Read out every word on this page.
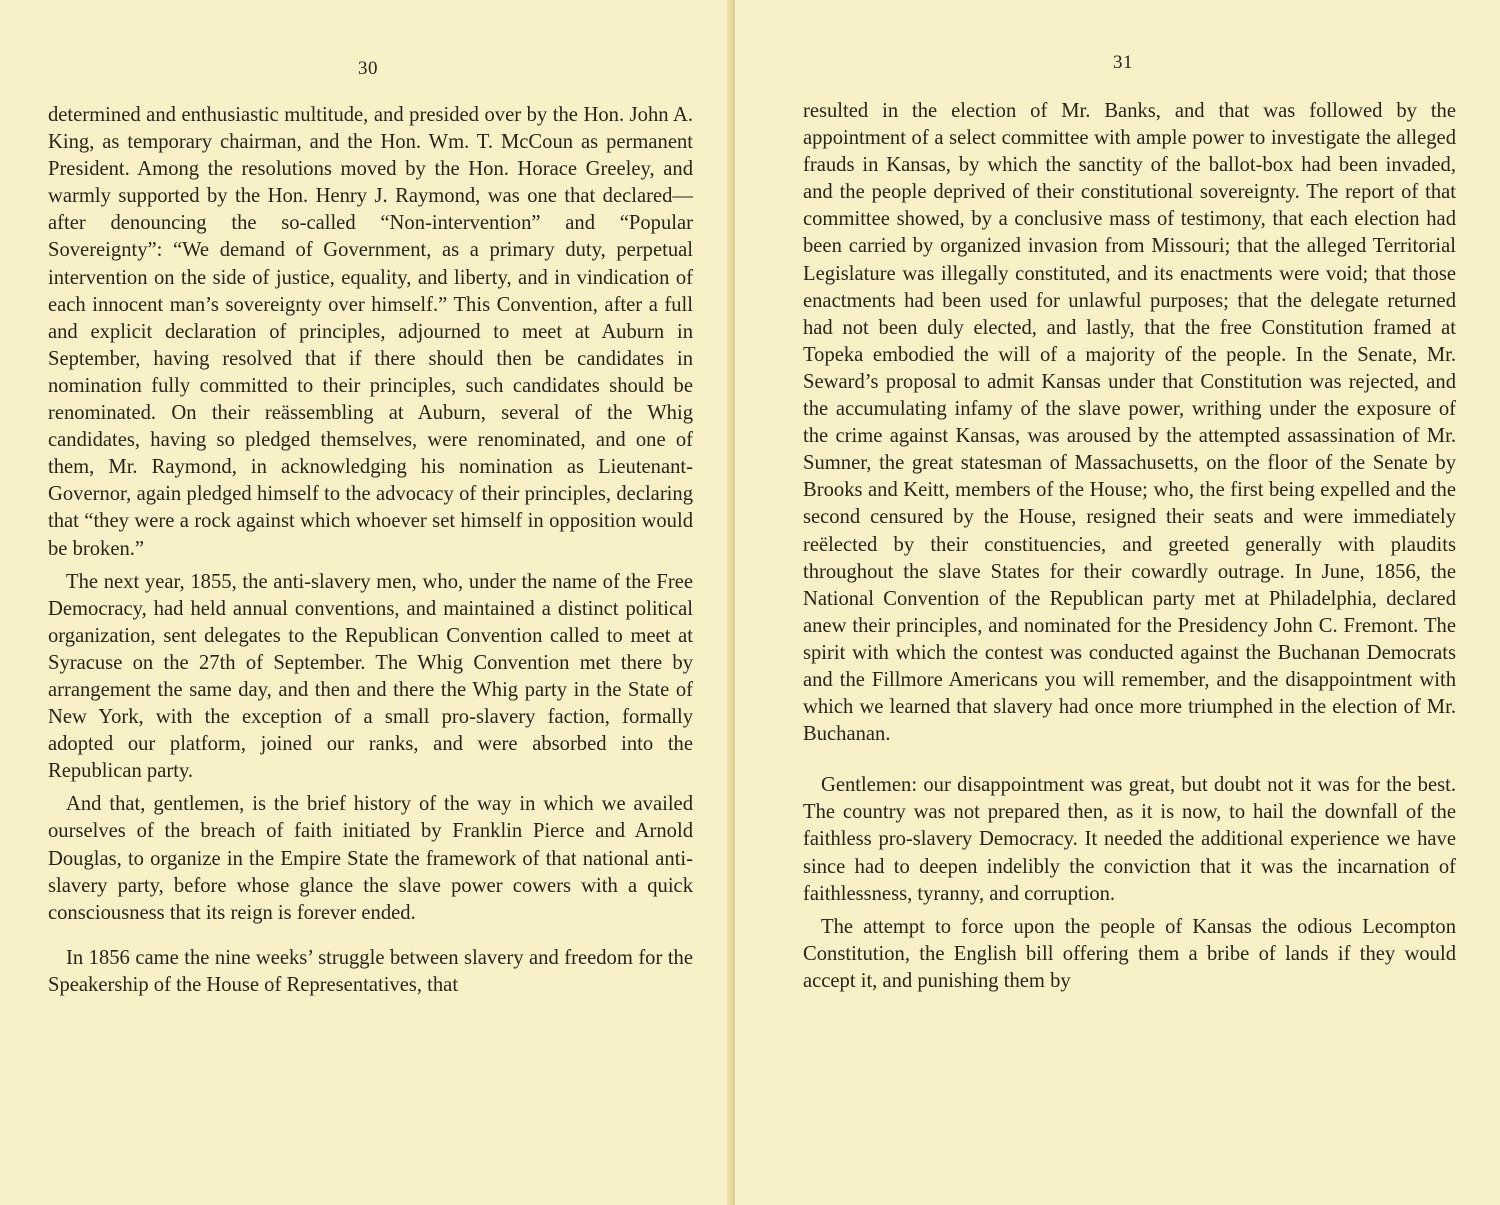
30

determined and enthusiastic multitude, and presided over by the Hon. John A. King, as temporary chairman, and the Hon. Wm. T. McCoun as permanent President. Among the resolutions moved by the Hon. Horace Greeley, and warmly supported by the Hon. Henry J. Raymond, was one that declared—after denouncing the so-called “Non-intervention” and “Popular Sovereignty”: “We demand of Government, as a primary duty, perpetual intervention on the side of justice, equality, and liberty, and in vindication of each innocent man’s sovereignty over himself.” This Convention, after a full and explicit declaration of principles, adjourned to meet at Auburn in September, having resolved that if there should then be candidates in nomination fully committed to their principles, such candidates should be renominated. On their reässembling at Auburn, several of the Whig candidates, having so pledged themselves, were renominated, and one of them, Mr. Raymond, in acknowledging his nomination as Lieutenant-Governor, again pledged himself to the advocacy of their principles, declaring that “they were a rock against which whoever set himself in opposition would be broken.”

The next year, 1855, the anti-slavery men, who, under the name of the Free Democracy, had held annual conventions, and maintained a distinct political organization, sent delegates to the Republican Convention called to meet at Syracuse on the 27th of September. The Whig Convention met there by arrangement the same day, and then and there the Whig party in the State of New York, with the exception of a small pro-slavery faction, formally adopted our platform, joined our ranks, and were absorbed into the Republican party.

And that, gentlemen, is the brief history of the way in which we availed ourselves of the breach of faith initiated by Franklin Pierce and Arnold Douglas, to organize in the Empire State the framework of that national anti-slavery party, before whose glance the slave power cowers with a quick consciousness that its reign is forever ended.

In 1856 came the nine weeks’ struggle between slavery and freedom for the Speakership of the House of Representatives, that

31

resulted in the election of Mr. Banks, and that was followed by the appointment of a select committee with ample power to investigate the alleged frauds in Kansas, by which the sanctity of the ballot-box had been invaded, and the people deprived of their constitutional sovereignty. The report of that committee showed, by a conclusive mass of testimony, that each election had been carried by organized invasion from Missouri; that the alleged Territorial Legislature was illegally constituted, and its enactments were void; that those enactments had been used for unlawful purposes; that the delegate returned had not been duly elected, and lastly, that the free Constitution framed at Topeka embodied the will of a majority of the people. In the Senate, Mr. Seward’s proposal to admit Kansas under that Constitution was rejected, and the accumulating infamy of the slave power, writhing under the exposure of the crime against Kansas, was aroused by the attempted assassination of Mr. Sumner, the great statesman of Massachusetts, on the floor of the Senate by Brooks and Keitt, members of the House; who, the first being expelled and the second censured by the House, resigned their seats and were immediately reëlected by their constituencies, and greeted generally with plaudits throughout the slave States for their cowardly outrage. In June, 1856, the National Convention of the Republican party met at Philadelphia, declared anew their principles, and nominated for the Presidency John C. Fremont. The spirit with which the contest was conducted against the Buchanan Democrats and the Fillmore Americans you will remember, and the disappointment with which we learned that slavery had once more triumphed in the election of Mr. Buchanan.

Gentlemen: our disappointment was great, but doubt not it was for the best. The country was not prepared then, as it is now, to hail the downfall of the faithless pro-slavery Democracy. It needed the additional experience we have since had to deepen indelibly the conviction that it was the incarnation of faithlessness, tyranny, and corruption.

The attempt to force upon the people of Kansas the odious Lecompton Constitution, the English bill offering them a bribe of lands if they would accept it, and punishing them by
